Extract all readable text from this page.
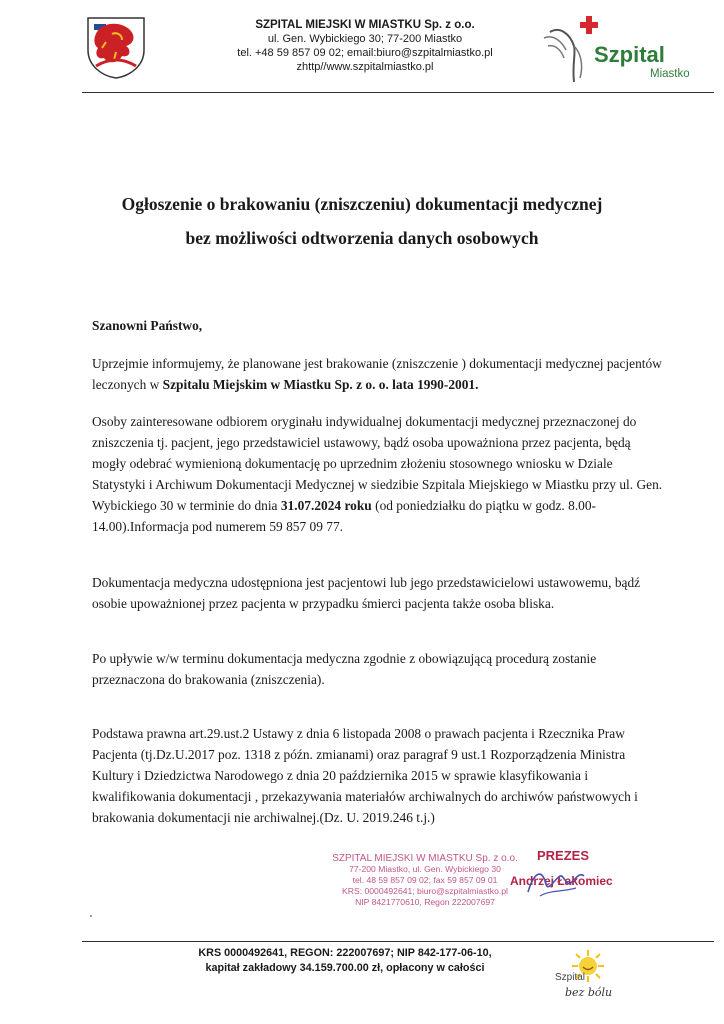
SZPITAL MIEJSKI W MIASTKU Sp. z o.o.
ul. Gen. Wybickiego 30; 77-200 Miastko
tel. +48 59 857 09 02; email:biuro@szpitalmiastko.pl
zhttp//www.szpitalmiastko.pl	Szpital
Miastko
Ogłoszenie o brakowaniu (zniszczeniu) dokumentacji medycznej
bez możliwości odtworzenia danych osobowych
Szanowni Państwo,
Uprzejmie informujemy, że planowane jest brakowanie (zniszczenie ) dokumentacji medycznej pacjentów leczonych w Szpitalu Miejskim w Miastku Sp. z o. o. lata 1990-2001.
Osoby zainteresowane odbiorem oryginału indywidualnej dokumentacji medycznej przeznaczonej do zniszczenia tj. pacjent, jego przedstawiciel ustawowy, bądź osoba upoważniona przez pacjenta, będą mogły odebrać wymienioną dokumentację po uprzednim złożeniu stosownego wniosku w Dziale Statystyki i Archiwum Dokumentacji Medycznej w siedzibie Szpitala Miejskiego w Miastku przy ul. Gen. Wybickiego 30 w terminie do dnia 31.07.2024 roku (od poniedziałku do piątku w godz. 8.00-14.00).Informacja pod numerem 59 857 09 77.
Dokumentacja medyczna udostępniona jest pacjentowi lub jego przedstawicielowi ustawowemu, bądź osobie upoważnionej przez pacjenta w przypadku śmierci pacjenta także osoba bliska.
Po upływie w/w terminu dokumentacja medyczna zgodnie z obowiązującą procedurą zostanie przeznaczona do brakowania (zniszczenia).
Podstawa prawna art.29.ust.2 Ustawy z dnia 6 listopada 2008 o prawach pacjenta i Rzecznika Praw Pacjenta (tj.Dz.U.2017 poz. 1318 z późn. zmianami) oraz paragraf 9 ust.1 Rozporządzenia Ministra Kultury i Dziedzictwa Narodowego z dnia 20 października 2015 w sprawie klasyfikowania i kwalifikowania dokumentacji , przekazywania materiałów archiwalnych do archiwów państwowych i brakowania dokumentacji nie archiwalnej.(Dz. U. 2019.246 t.j.)
SZPITAL MIEJSKI W MIASTKU Sp. z o.o.
77-200 Miastko, ul. Gen. Wybickiego 30
tel. 48 59 857 09 02; fax 59 857 09 01
KRS: 0000492641; biuro@szpitalmiastko.pl
NIP 8421770610, Regon 222007697
PREZES
Andrzej Łakomiec
KRS 0000492641, REGON: 222007697; NIP 842-177-06-10,
kapitał zakładowy 34.159.700.00 zł, opłacony w całości
Szpital
bez bólu
